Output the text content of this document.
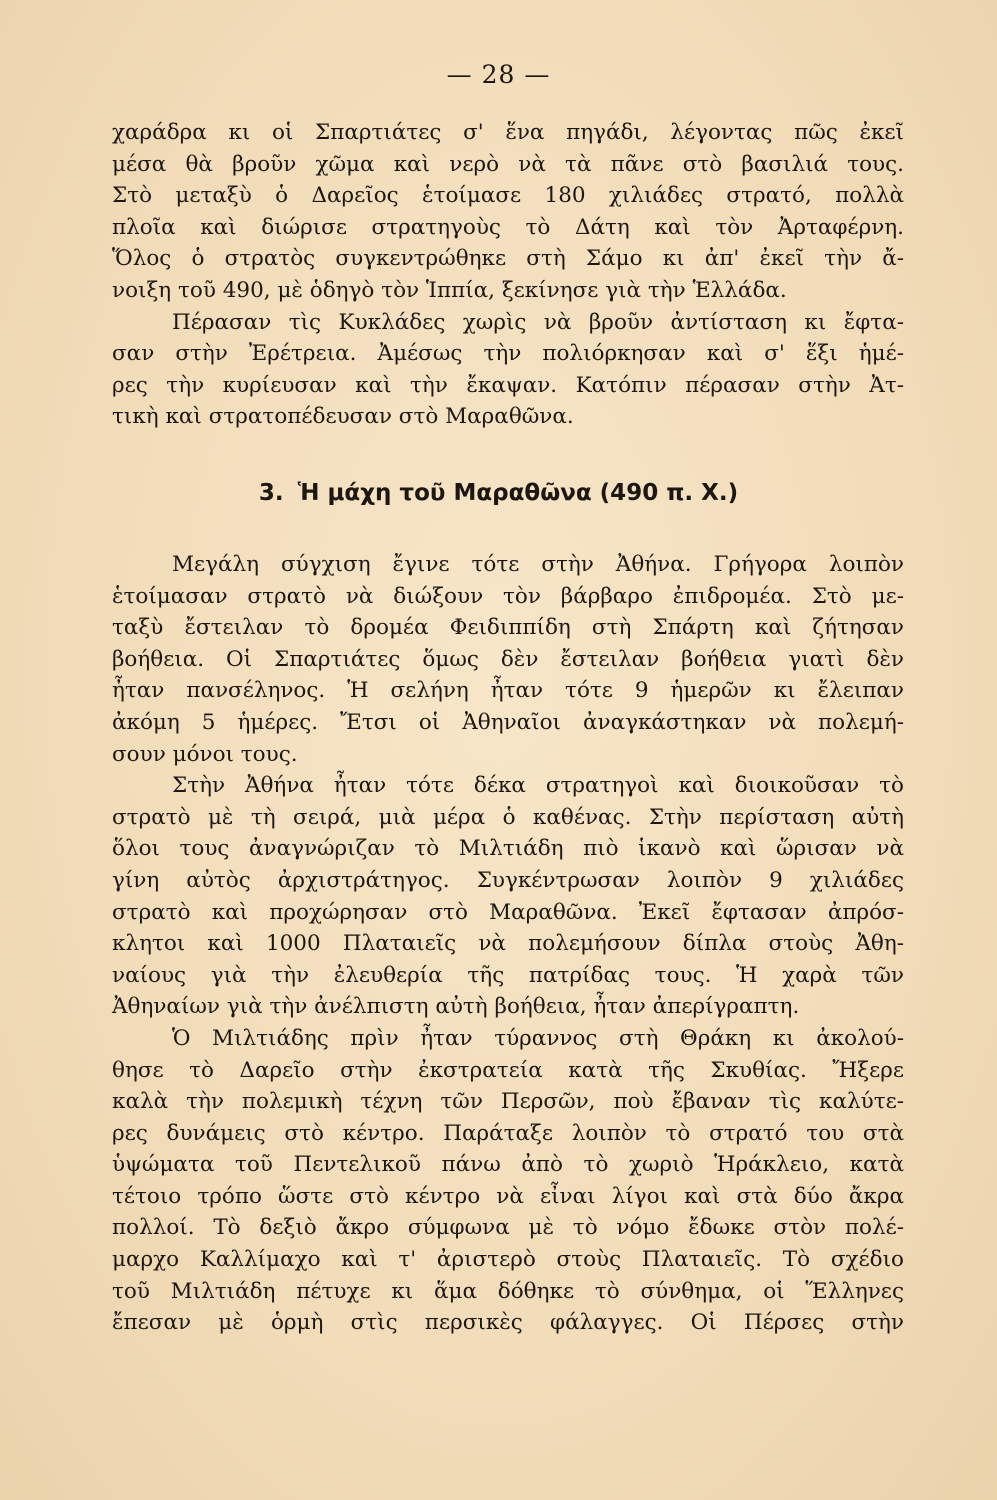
— 28 —
χαράδρα κι οἱ Σπαρτιάτες σ' ἕνα πηγάδι, λέγοντας πῶς ἐκεῖ
μέσα θὰ βροῦν χῶμα καὶ νερὸ νὰ τὰ πᾶνε στὸ βασιλιά τους.
Στὸ μεταξὺ ὁ Δαρεῖος ἑτοίμασε 180 χιλιάδες στρατό, πολλὰ
πλοῖα καὶ διώρισε στρατηγοὺς τὸ Δάτη καὶ τὸν Ἀρταφέρνη.
Ὅλος ὁ στρατὸς συγκεντρώθηκε στὴ Σάμο κι ἀπ' ἐκεῖ τὴν ἄ-
νοιξη τοῦ 490, μὲ ὁδηγὸ τὸν Ἱππία, ξεκίνησε γιὰ τὴν Ἑλλάδα.
Πέρασαν τὶς Κυκλάδες χωρὶς νὰ βροῦν ἀντίσταση κι ἔφτα-
σαν στὴν Ἐρέτρεια. Ἀμέσως τὴν πολιόρκησαν καὶ σ' ἕξι ἡμέ-
ρες τὴν κυρίευσαν καὶ τὴν ἔκαψαν. Κατόπιν πέρασαν στὴν Ἀτ-
τικὴ καὶ στρατοπέδευσαν στὸ Μαραθῶνα.
3. Ἡ μάχη τοῦ Μαραθῶνα (490 π. Χ.)
Μεγάλη σύγχιση ἔγινε τότε στὴν Ἀθήνα. Γρήγορα λοιπὸν
ἑτοίμασαν στρατὸ νὰ διώξουν τὸν βάρβαρο ἐπιδρομέα. Στὸ με-
ταξὺ ἔστειλαν τὸ δρομέα Φειδιππίδη στὴ Σπάρτη καὶ ζήτησαν
βοήθεια. Οἱ Σπαρτιάτες ὅμως δὲν ἔστειλαν βοήθεια γιατὶ δὲν
ἦταν πανσέληνος. Ἡ σελήνη ἦταν τότε 9 ἡμερῶν κι ἔλειπαν
ἀκόμη 5 ἡμέρες. Ἔτσι οἱ Ἀθηναῖοι ἀναγκάστηκαν νὰ πολεμή-
σουν μόνοι τους.
Στὴν Ἀθήνα ἦταν τότε δέκα στρατηγοὶ καὶ διοικοῦσαν τὸ
στρατὸ μὲ τὴ σειρά, μιὰ μέρα ὁ καθένας. Στὴν περίσταση αὐτὴ
ὅλοι τους ἀναγνώριζαν τὸ Μιλτιάδη πιὸ ἱκανὸ καὶ ὥρισαν νὰ
γίνη αὐτὸς ἀρχιστράτηγος. Συγκέντρωσαν λοιπὸν 9 χιλιάδες
στρατὸ καὶ προχώρησαν στὸ Μαραθῶνα. Ἐκεῖ ἔφτασαν ἀπρόσ-
κλητοι καὶ 1000 Πλαταιεῖς νὰ πολεμήσουν δίπλα στοὺς Ἀθη-
ναίους γιὰ τὴν ἐλευθερία τῆς πατρίδας τους. Ἡ χαρὰ τῶν
Ἀθηναίων γιὰ τὴν ἀνέλπιστη αὐτὴ βοήθεια, ἦταν ἀπερίγραπτη.
Ὁ Μιλτιάδης πρὶν ἦταν τύραννος στὴ Θράκη κι ἀκολού-
θησε τὸ Δαρεῖο στὴν ἐκστρατεία κατὰ τῆς Σκυθίας. Ἤξερε
καλὰ τὴν πολεμικὴ τέχνη τῶν Περσῶν, ποὺ ἔβαναν τὶς καλύτε-
ρες δυνάμεις στὸ κέντρο. Παράταξε λοιπὸν τὸ στρατό του στὰ
ὑψώματα τοῦ Πεντελικοῦ πάνω ἀπὸ τὸ χωριὸ Ἡράκλειο, κατὰ
τέτοιο τρόπο ὥστε στὸ κέντρο νὰ εἶναι λίγοι καὶ στὰ δύο ἄκρα
πολλοί. Τὸ δεξιὸ ἄκρο σύμφωνα μὲ τὸ νόμο ἔδωκε στὸν πολέ-
μαρχο Καλλίμαχο καὶ τ' ἀριστερὸ στοὺς Πλαταιεῖς. Τὸ σχέδιο
τοῦ Μιλτιάδη πέτυχε κι ἅμα δόθηκε τὸ σύνθημα, οἱ Ἕλληνες
ἔπεσαν μὲ ὁρμὴ στὶς περσικὲς φάλαγγες. Οἱ Πέρσες στὴν
